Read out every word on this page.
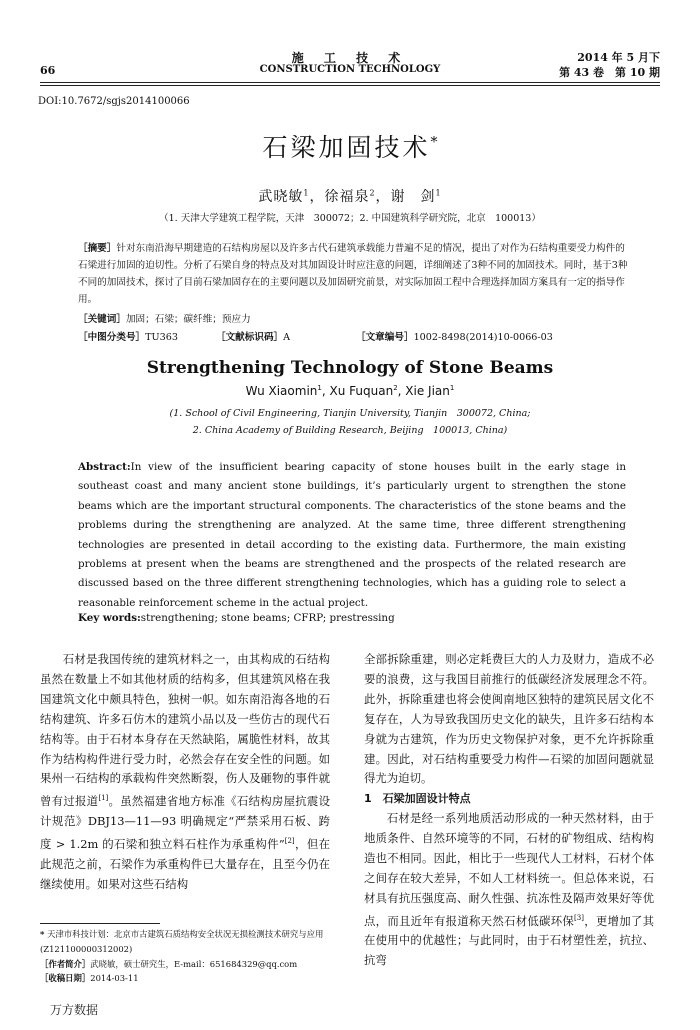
66
施 工 技 术
CONSTRUCTION TECHNOLOGY
2014 年 5 月下
第 43 卷　第 10 期
DOI:10.7672/sgjs2014100066
石梁加固技术*
武晓敏$^1$，徐福泉$^2$，谢　剑$^1$
（1. 天津大学建筑工程学院，天津　300072；2. 中国建筑科学研究院，北京　100013）
［摘要］针对东南沿海早期建造的石结构房屋以及许多古代石建筑承载能力普遍不足的情况，提出了对作为石结构重要受力构件的石梁进行加固的迫切性。分析了石梁自身的特点及对其加固设计时应注意的问题，详细阐述了3种不同的加固技术。同时，基于3种不同的加固技术，探讨了目前石梁加固存在的主要问题以及加固研究前景，对实际加固工程中合理选择加固方案具有一定的指导作用。
［关键词］加固；石梁；碳纤维；预应力
［中图分类号］TU363	［文献标识码］A	［文章编号］1002-8498(2014)10-0066-03
Strengthening Technology of Stone Beams
Wu Xiaomin$^1$, Xu Fuquan$^2$, Xie Jian$^1$
(1. School of Civil Engineering, Tianjin University, Tianjin　300072, China;
2. China Academy of Building Research, Beijing　100013, China)
Abstract:In view of the insufficient bearing capacity of stone houses built in the early stage in southeast coast and many ancient stone buildings, it’s particularly urgent to strengthen the stone beams which are the important structural components. The characteristics of the stone beams and the problems during the strengthening are analyzed. At the same time, three different strengthening technologies are presented in detail according to the existing data. Furthermore, the main existing problems at present when the beams are strengthened and the prospects of the related research are discussed based on the three different strengthening technologies, which has a guiding role to select a reasonable reinforcement scheme in the actual project.
Key words:strengthening; stone beams; CFRP; prestressing

石材是我国传统的建筑材料之一，由其构成的石结构虽然在数量上不如其他材质的结构多，但其建筑风格在我国建筑文化中颇具特色，独树一帜。如东南沿海各地的石结构建筑、许多石仿木的建筑小品以及一些仿古的现代石结构等。由于石材本身存在天然缺陷，属脆性材料，故其作为结构构件进行受力时，必然会存在安全性的问题。如果州一石结构的承载构件突然断裂，伤人及砸物的事件就曾有过报道[1]。虽然福建省地方标准《石结构房屋抗震设计规范》DBJ13—11—93 明确规定“严禁采用石板、跨度 > 1.2m 的石梁和独立料石柱作为承重构件”[2]，但在此规范之前，石梁作为承重构件已大量存在，且至今仍在继续使用。如果对这些石结构

全部拆除重建，则必定耗费巨大的人力及财力，造成不必要的浪费，这与我国目前推行的低碳经济发展理念不符。此外，拆除重建也将会使闽南地区独特的建筑民居文化不复存在，人为导致我国历史文化的缺失，且许多石结构本身就为古建筑，作为历史文物保护对象，更不允许拆除重建。因此，对石结构重要受力构件—石梁的加固问题就显得尤为迫切。

1　石梁加固设计特点

石材是经一系列地质活动形成的一种天然材料，由于地质条件、自然环境等的不同，石材的矿物组成、结构构造也不相同。因此，相比于一些现代人工材料，石材个体之间存在较大差异，不如人工材料统一。但总体来说，石材具有抗压强度高、耐久性强、抗冻性及隔声效果好等优点，而且近年有报道称天然石材低碳环保[3]，更增加了其在使用中的优越性；与此同时，由于石材塑性差，抗拉、抗弯

* 天津市科技计划：北京市古建筑石质结构安全状况无损检测技术研究与应用(Z121100000312002)
［作者简介］武晓敏，硕士研究生，E-mail：651684329@qq.com
［收稿日期］2014-03-11
万方数据
